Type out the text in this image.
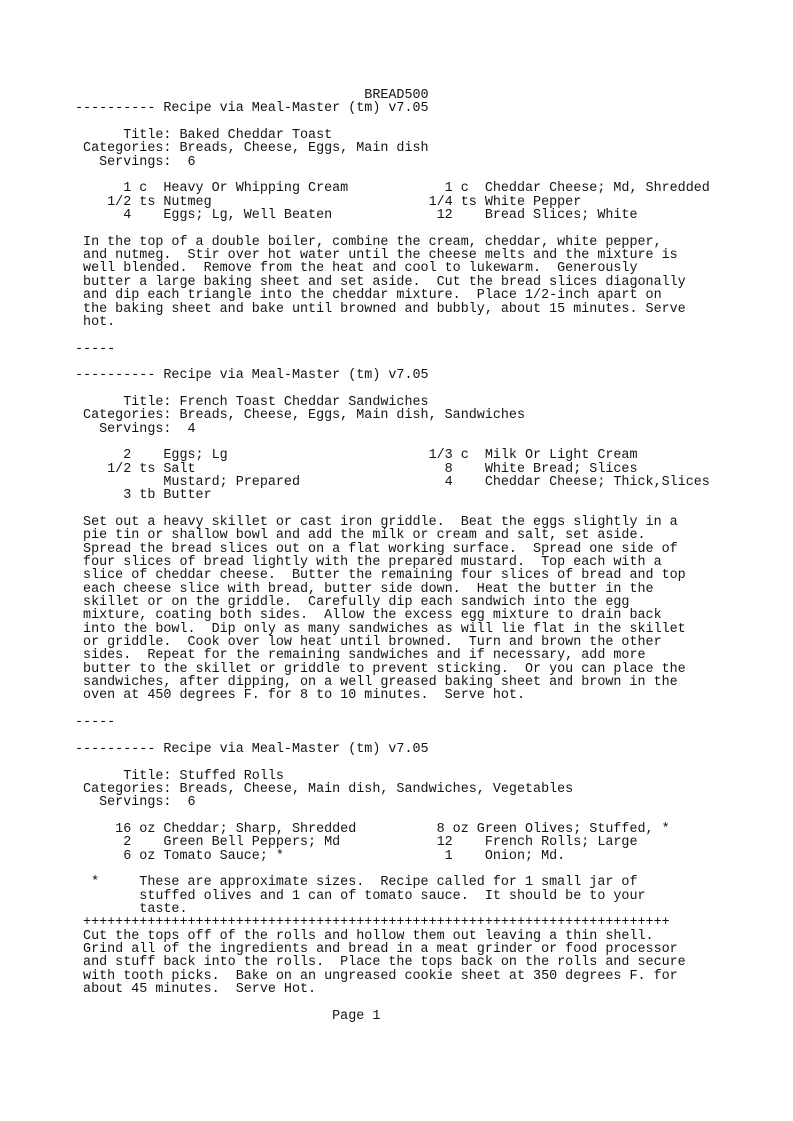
BREAD500
---------- Recipe via Meal-Master (tm) v7.05
Title: Baked Cheddar Toast
Categories: Breads, Cheese, Eggs, Main dish
Servings:  6
1 c  Heavy Or Whipping Cream            1 c  Cheddar Cheese; Md, Shredded
1/2 ts Nutmeg                           1/4 ts White Pepper
4    Eggs; Lg, Well Beaten             12    Bread Slices; White
In the top of a double boiler, combine the cream, cheddar, white pepper,
and nutmeg.  Stir over hot water until the cheese melts and the mixture is
well blended.  Remove from the heat and cool to lukewarm.  Generously
butter a large baking sheet and set aside.  Cut the bread slices diagonally
and dip each triangle into the cheddar mixture.  Place 1/2-inch apart on
the baking sheet and bake until browned and bubbly, about 15 minutes. Serve
hot.
-----
---------- Recipe via Meal-Master (tm) v7.05
Title: French Toast Cheddar Sandwiches
Categories: Breads, Cheese, Eggs, Main dish, Sandwiches
Servings:  4
2    Eggs; Lg                         1/3 c  Milk Or Light Cream
1/2 ts Salt                               8    White Bread; Slices
Mustard; Prepared                  4    Cheddar Cheese; Thick,Slices
3 tb Butter
Set out a heavy skillet or cast iron griddle.  Beat the eggs slightly in a
pie tin or shallow bowl and add the milk or cream and salt, set aside.
Spread the bread slices out on a flat working surface.  Spread one side of
four slices of bread lightly with the prepared mustard.  Top each with a
slice of cheddar cheese.  Butter the remaining four slices of bread and top
each cheese slice with bread, butter side down.  Heat the butter in the
skillet or on the griddle.  Carefully dip each sandwich into the egg
mixture, coating both sides.  Allow the excess egg mixture to drain back
into the bowl.  Dip only as many sandwiches as will lie flat in the skillet
or griddle.  Cook over low heat until browned.  Turn and brown the other
sides.  Repeat for the remaining sandwiches and if necessary, add more
butter to the skillet or griddle to prevent sticking.  Or you can place the
sandwiches, after dipping, on a well greased baking sheet and brown in the
oven at 450 degrees F. for 8 to 10 minutes.  Serve hot.
-----
---------- Recipe via Meal-Master (tm) v7.05
Title: Stuffed Rolls
Categories: Breads, Cheese, Main dish, Sandwiches, Vegetables
Servings:  6
16 oz Cheddar; Sharp, Shredded          8 oz Green Olives; Stuffed, *
2    Green Bell Peppers; Md            12    French Rolls; Large
6 oz Tomato Sauce; *                    1    Onion; Md.
*     These are approximate sizes.  Recipe called for 1 small jar of
stuffed olives and 1 can of tomato sauce.  It should be to your
taste.
+++++++++++++++++++++++++++++++++++++++++++++++++++++++++++++++++++++++++
Cut the tops off of the rolls and hollow them out leaving a thin shell.
Grind all of the ingredients and bread in a meat grinder or food processor
and stuff back into the rolls.  Place the tops back on the rolls and secure
with tooth picks.  Bake on an ungreased cookie sheet at 350 degrees F. for
about 45 minutes.  Serve Hot.
Page 1
